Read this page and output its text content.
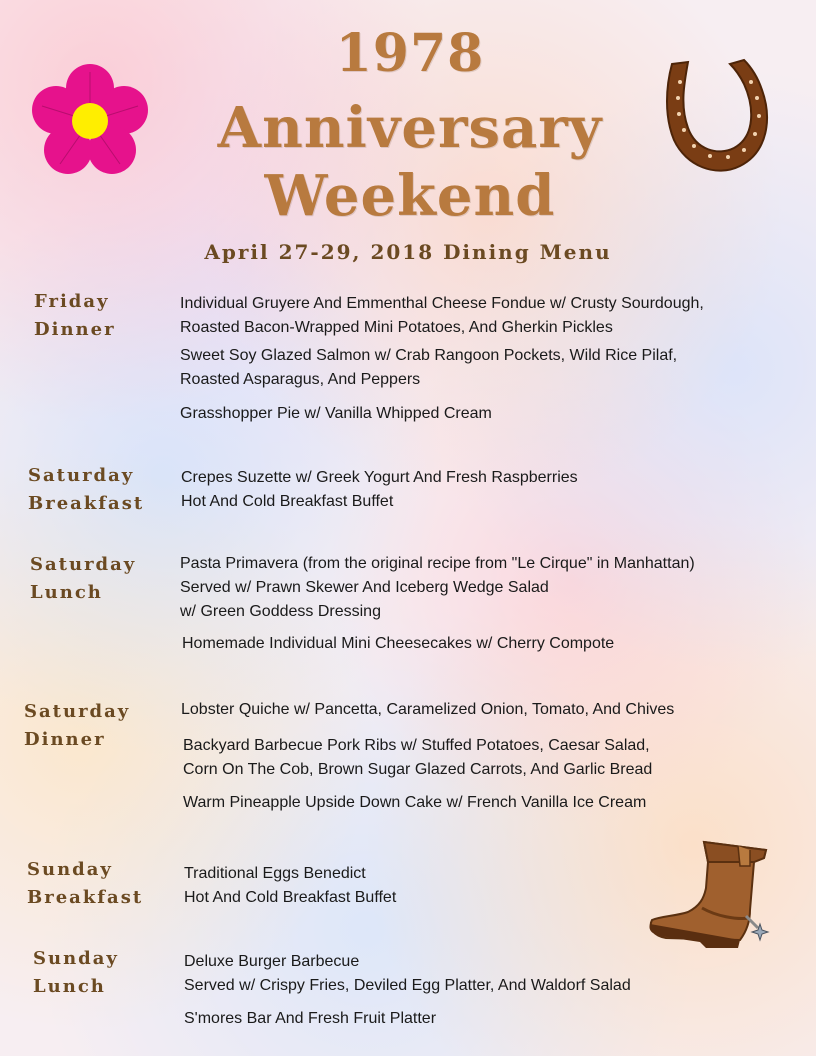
1978
Anniversary
Weekend
April 27-29, 2018 Dining Menu
Friday
Dinner
Individual Gruyere And Emmenthal Cheese Fondue w/ Crusty Sourdough,
Roasted Bacon-Wrapped Mini Potatoes, And Gherkin Pickles
Sweet Soy Glazed Salmon w/ Crab Rangoon Pockets, Wild Rice Pilaf,
Roasted Asparagus, And Peppers
Grasshopper Pie w/ Vanilla Whipped Cream
Saturday
Breakfast
Crepes Suzette w/ Greek Yogurt And Fresh Raspberries
Hot And Cold Breakfast Buffet
Saturday
Lunch
Pasta Primavera (from the original recipe from "Le Cirque" in Manhattan)
Served w/ Prawn Skewer And Iceberg Wedge Salad
w/ Green Goddess Dressing
Homemade Individual Mini Cheesecakes w/ Cherry Compote
Saturday
Dinner
Lobster Quiche w/ Pancetta, Caramelized Onion, Tomato, And Chives
Backyard Barbecue Pork Ribs w/ Stuffed Potatoes, Caesar Salad,
Corn On The Cob, Brown Sugar Glazed Carrots, And Garlic Bread
Warm Pineapple Upside Down Cake w/ French Vanilla Ice Cream
Sunday
Breakfast
Traditional Eggs Benedict
Hot And Cold Breakfast Buffet
Sunday
Lunch
Deluxe Burger Barbecue
Served w/ Crispy Fries, Deviled Egg Platter, And Waldorf Salad
S'mores Bar And Fresh Fruit Platter
